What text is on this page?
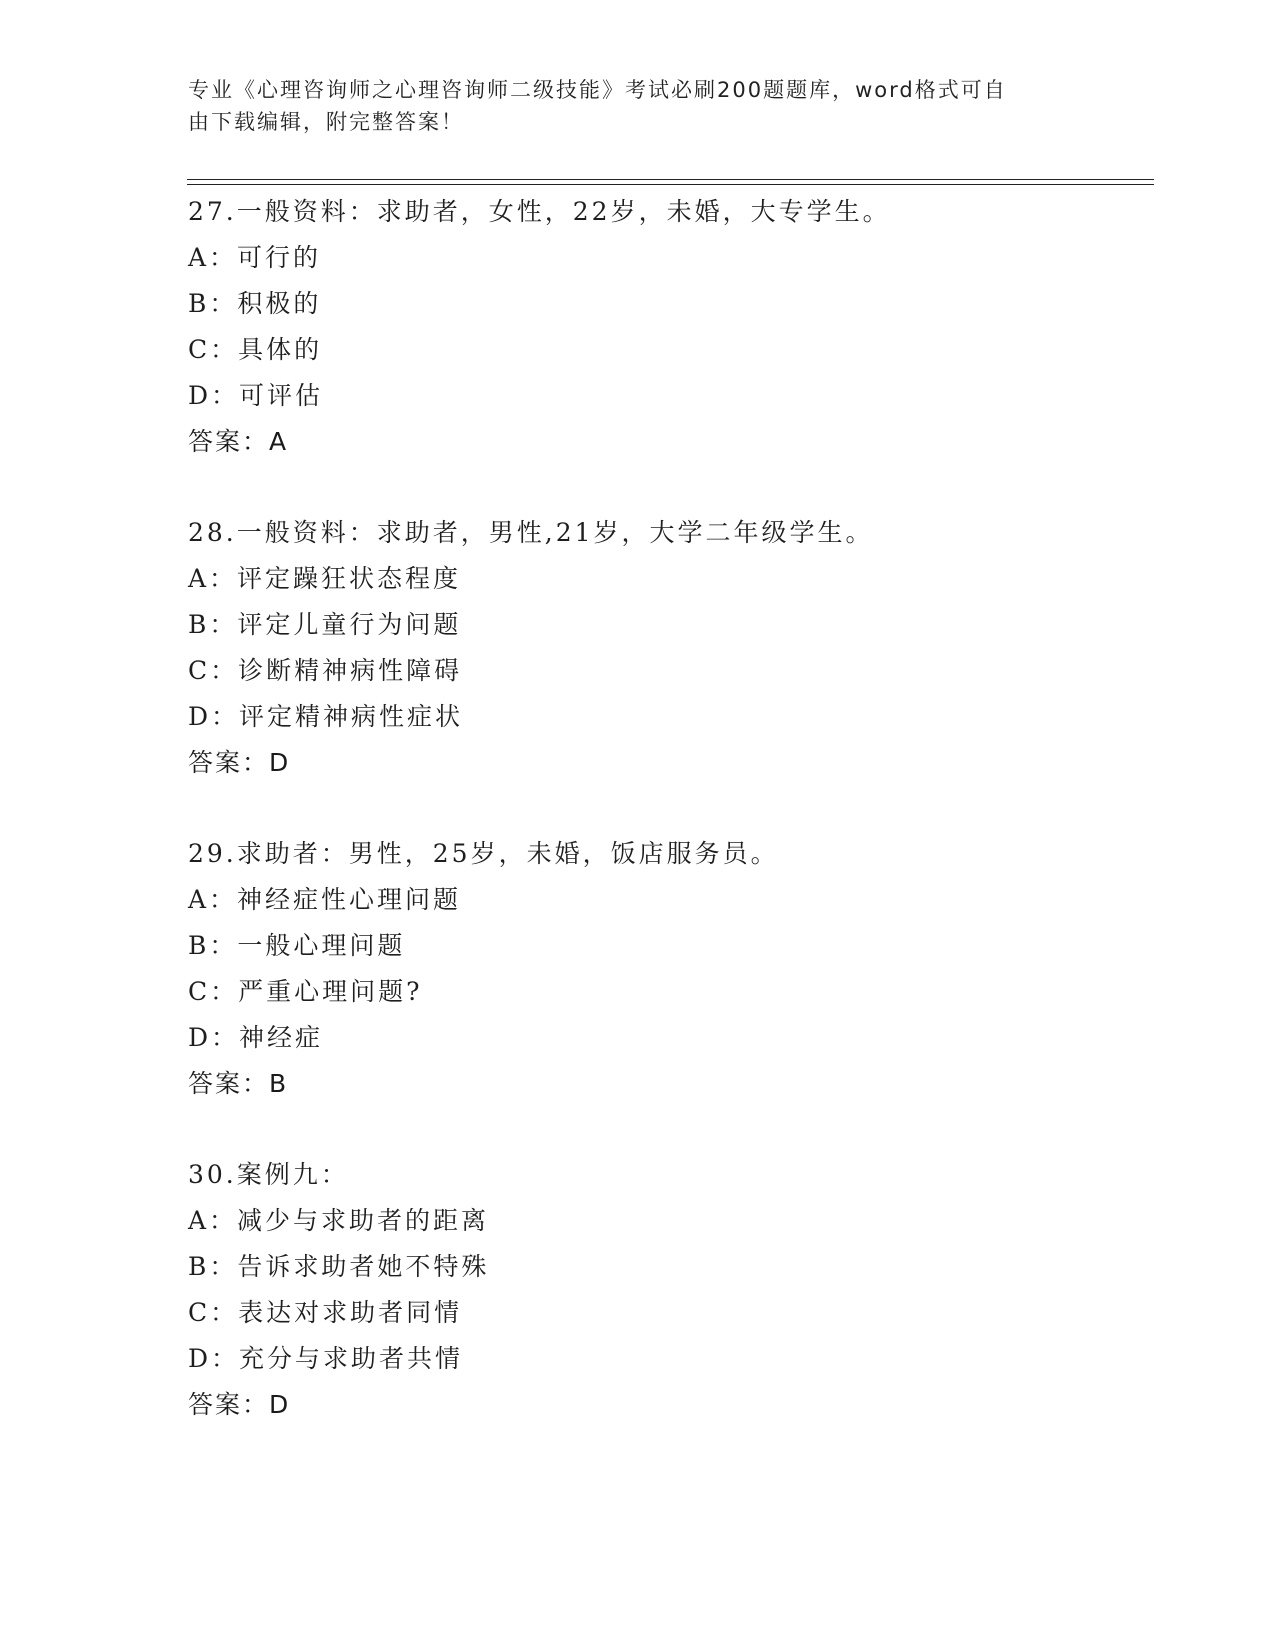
专业《心理咨询师之心理咨询师二级技能》考试必刷200题题库，word格式可自
由下载编辑，附完整答案！
27.一般资料：求助者，女性，22岁，未婚，大专学生。
A：可行的
B：积极的
C：具体的
D：可评估
答案：A
28.一般资料：求助者，男性,21岁，大学二年级学生。
A：评定躁狂状态程度
B：评定儿童行为问题
C：诊断精神病性障碍
D：评定精神病性症状
答案：D
29.求助者：男性，25岁，未婚，饭店服务员。
A：神经症性心理问题
B：一般心理问题
C：严重心理问题?
D：神经症
答案：B
30.案例九：
A：减少与求助者的距离
B：告诉求助者她不特殊
C：表达对求助者同情
D：充分与求助者共情
答案：D
